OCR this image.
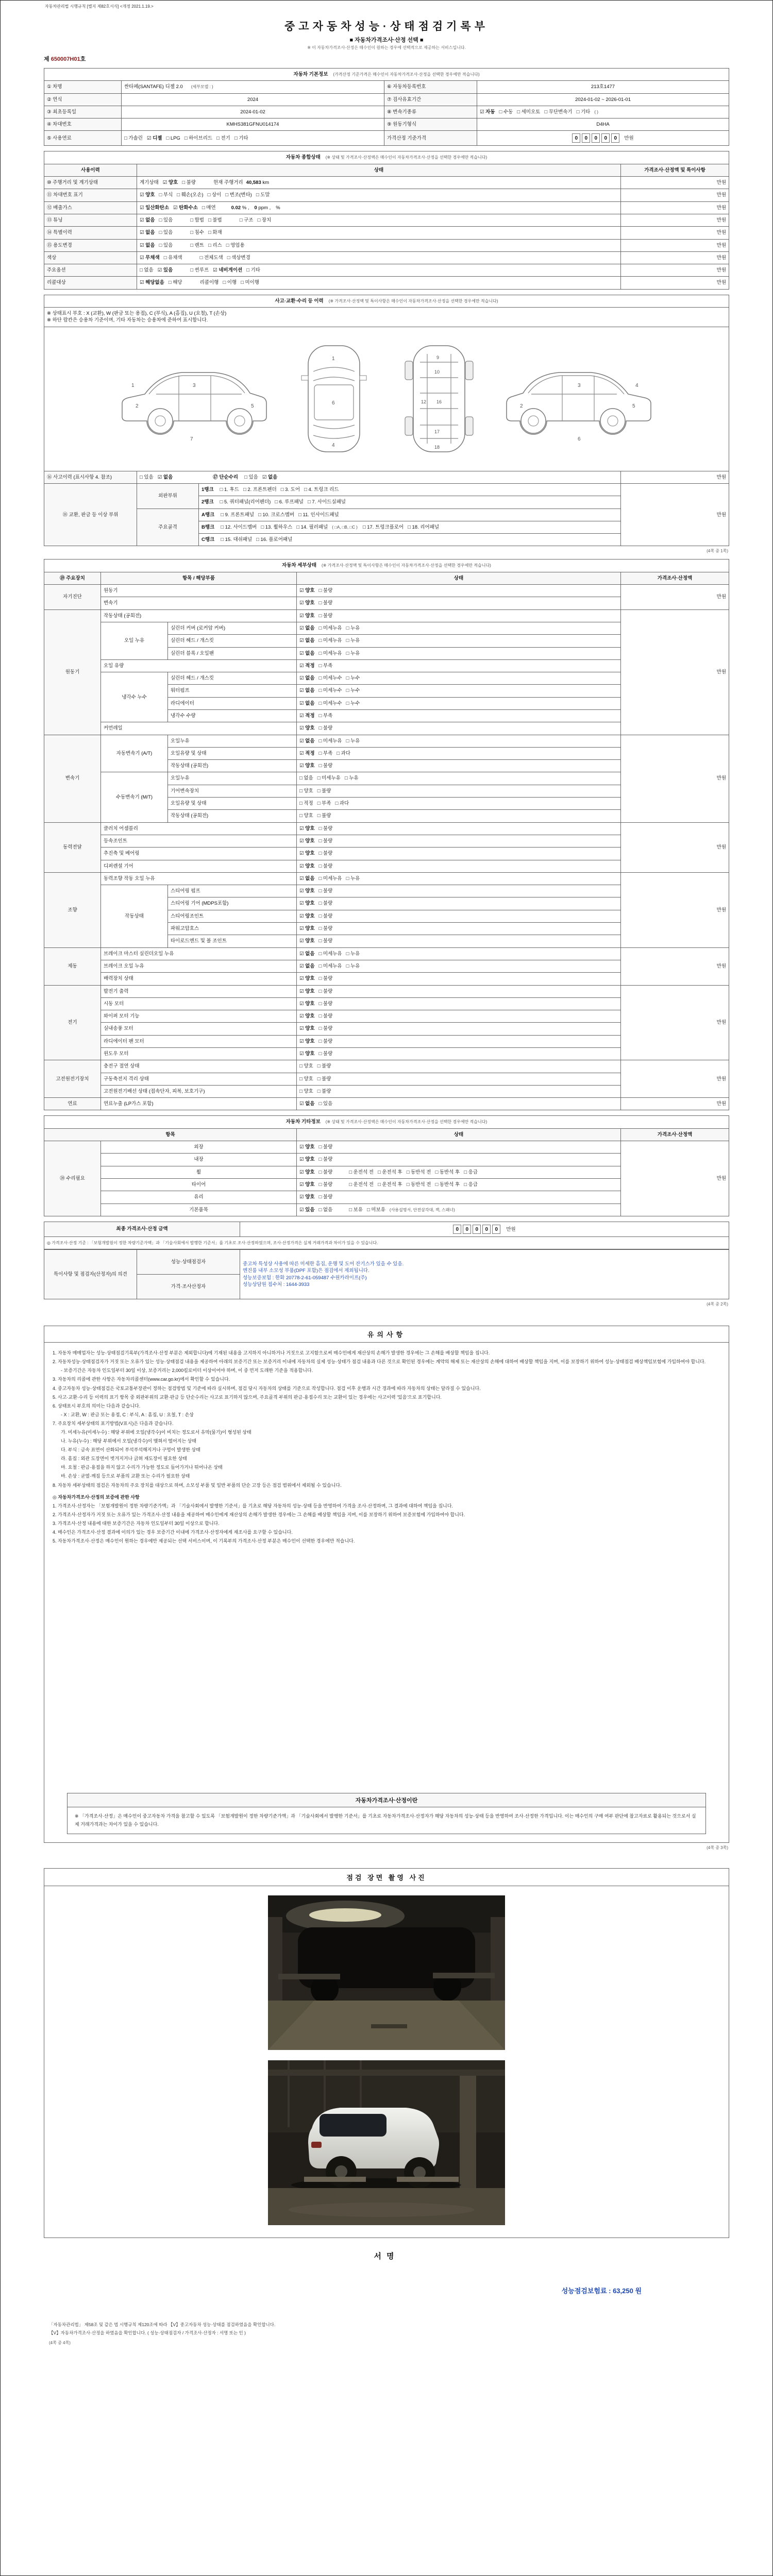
자동차관리법 시행규칙 [별지 제82호서식] <개정 2021.1.19.>
중고자동차성능·상태점검기록부
■ 자동차가격조사·산정 선택 ■
※ 이 자동차가격조사·산정은 매수인이 원하는 경우에 선택적으로 제공하는 서비스입니다.
제 650007H01호
자동차 기본정보 (가격산정 기준가격은 매수인이 자동차가격조사·산정을 선택한 경우에만 적습니다)			
① 차명	싼타페(SANTAFE) 디젤 2.0 (세부모델 : )	⑥ 자동차등록번호	213호1477
② 연식	2024	⑦ 검사유효기간	2024-01-02 ~ 2026-01-01
③ 최초등록일	2024-01-02	⑧ 변속기종류	☑ 자동 □ 수동 □ 세미오토 □ 무단변속기 □ 기타 ( )
④ 차대번호	KMHS381GFNU014174	⑨ 원동기형식	D4HA
⑤ 사용연료	□ 가솔린 ☑ 디젤 □ LPG □ 하이브리드 □ 전기 □ 기타	가격산정 기준가격	0 0 0 0 0 만원
자동차 종합상태 (※ 상태 및 가격조사·산정액은 매수인이 자동차가격조사·산정을 선택한 경우에만 적습니다)		
사용이력	상태	가격조사·산정액 및 특이사항
⑩ 주행거리 및 계기상태	계기상태 ☑ 양호 □ 불량 현재 주행거리 40,583 km	만원
⑪ 차대번호 표기	☑ 양호 □ 부식 □ 훼손(오손) □ 상이 □ 변조(변타) □ 도말	만원
⑫ 배출가스	☑ 일산화탄소 ☑ 탄화수소 □ 매연 0.02 % , 0 ppm , %	만원
⑬ 튜닝	☑ 없음 □ 있음 □ 합법 □ 불법 □ 구조 □ 장치	만원
⑭ 특별이력	☑ 없음 □ 있음 □ 침수 □ 화재	만원
⑮ 용도변경	☑ 없음 □ 있음 □ 렌트 □ 리스 □ 영업용	만원
색상	☑ 무채색 □ 유채색 □ 전체도색 □ 색상변경	만원
주요옵션	□ 없음 ☑ 있음 □ 썬루프 ☑ 네비게이션 □ 기타	만원
리콜대상	☑ 해당없음 □ 해당 리콜이행 □ 이행 □ 미이행	만원
사고·교환·수리 등 이력 (※ 가격조사·산정액 및 특이사항은 매수인이 자동차가격조사·산정을 선택한 경우에만 적습니다)			
※ 상태표시 부호 : X (교환), W (판금 또는 용접), C (부식), A (흠집), U (요철), T (손상)
※ 하단 람칸은 승용차 기준이며, 기타 자동차는 승용차에 준하여 표시합니다.			

1
2
3
5
7
1
6
4
9
10
12 16
17
18
4
5
3
2
6

⑯ 사고이력 (표시사항 4. 참조)	□ 있음 ☑ 없음 ⑰ 단순수리 □ 있음 ☑ 없음		만원
⑱ 교환, 판금 등 이상 부위	외판부위	1랭크 □ 1. 후드 □ 2. 프론트펜더 □ 3. 도어 □ 4. 트렁크 리드	만원
		2랭크 □ 5. 쿼터패널(리어펜더) □ 6. 루프패널 □ 7. 사이드실패널	
	주요골격	A랭크 □ 9. 프론트패널 □ 10. 크로스멤버 □ 11. 인사이드패널	
		B랭크 □ 12. 사이드멤버 □ 13. 휠하우스 □ 14. 필러패널 ( □A, □B, □C ) □ 17. 트렁크플로어 □ 18. 리어패널	
		C랭크 □ 15. 대쉬패널 □ 16. 플로어패널	
(4쪽 중 1쪽)
자동차 세부상태 (※ 가격조사·산정액 및 특이사항은 매수인이 자동차가격조사·산정을 선택한 경우에만 적습니다)				
⑲ 주요장치	항목 / 해당부품		상태	가격조사·산정액
자기진단	원동기		☑ 양호 □ 불량	만원
	변속기		☑ 양호 □ 불량	
원동기	작동상태 (공회전)		☑ 양호 □ 불량	만원
	오일 누유	실린더 커버 (로커암 커버)	☑ 없음 □ 미세누유 □ 누유	
		실린더 헤드 / 개스킷	☑ 없음 □ 미세누유 □ 누유	
		실린더 블록 / 오일팬	☑ 없음 □ 미세누유 □ 누유	
	오일 유량		☑ 적정 □ 부족	
	냉각수 누수	실린더 헤드 / 개스킷	☑ 없음 □ 미세누수 □ 누수	
		워터펌프	☑ 없음 □ 미세누수 □ 누수	
		라디에이터	☑ 없음 □ 미세누수 □ 누수	
		냉각수 수량	☑ 적정 □ 부족	
	커먼레일		☑ 양호 □ 불량	
변속기	자동변속기 (A/T)	오일누유	☑ 없음 □ 미세누유 □ 누유	만원
		오일유량 및 상태	☑ 적정 □ 부족 □ 과다	
		작동상태 (공회전)	☑ 양호 □ 불량	
	수동변속기 (M/T)	오일누유	□ 없음 □ 미세누유 □ 누유	
		기어변속장치	□ 양호 □ 불량	
		오일유량 및 상태	□ 적정 □ 부족 □ 과다	
		작동상태 (공회전)	□ 양호 □ 불량	
동력전달	클러치 어셈블리		☑ 양호 □ 불량	만원
	등속조인트		☑ 양호 □ 불량	
	추진축 및 베어링		☑ 양호 □ 불량	
	디퍼렌셜 기어		☑ 양호 □ 불량	
조향	동력조향 작동 오일 누유		☑ 없음 □ 미세누유 □ 누유	만원
	작동상태	스티어링 펌프	☑ 양호 □ 불량	
		스티어링 기어 (MDPS포함)	☑ 양호 □ 불량	
		스티어링조인트	☑ 양호 □ 불량	
		파워고압호스	☑ 양호 □ 불량	
		타이로드엔드 및 볼 조인트	☑ 양호 □ 불량	
제동	브레이크 마스터 실린더오일 누유		☑ 없음 □ 미세누유 □ 누유	만원
	브레이크 오일 누유		☑ 없음 □ 미세누유 □ 누유	
	배력장치 상태		☑ 양호 □ 불량	
전기	발전기 출력		☑ 양호 □ 불량	만원
	시동 모터		☑ 양호 □ 불량	
	와이퍼 모터 기능		☑ 양호 □ 불량	
	실내송풍 모터		☑ 양호 □ 불량	
	라디에이터 팬 모터		☑ 양호 □ 불량	
	윈도우 모터		☑ 양호 □ 불량	
고전원전기장치	충전구 절연 상태		□ 양호 □ 불량	만원
	구동축전지 격리 상태		□ 양호 □ 불량	
	고전원전기배선 상태 (접속단자, 피복, 보호기구)		□ 양호 □ 불량	
연료	연료누출 (LP가스 포함)		☑ 없음 □ 있음	만원
자동차 기타정보 (※ 상태 및 가격조사·산정액은 매수인이 자동차가격조사·산정을 선택한 경우에만 적습니다)			
항목		상태	가격조사·산정액
⑳ 수리필요	외장	☑ 양호 □ 불량	만원
	내장	☑ 양호 □ 불량	
	휠	☑ 양호 □ 불량 □ 운전석 전 □ 운전석 후 □ 동반석 전 □ 동반석 후 □ 응급	
	타이어	☑ 양호 □ 불량 □ 운전석 전 □ 운전석 후 □ 동반석 전 □ 동반석 후 □ 응급	
	유리	☑ 양호 □ 불량	
	기본품목	☑ 있음 □ 없음 □ 보유 □ 미보유 (사용설명서, 안전삼각대, 잭, 스패너)	
최종 가격조사·산정 금액	0 0 0 0 0 만원
◎ 가격조사·산정 기준 : 「보험개발원이 정한 차량기준가액」과 「기술사회에서 발행한 기준서」를 기초로 조사·산정하였으며, 조사·산정가격은 실제 거래가격과 차이가 있을 수 있습니다.
특이사항 및 점검자(산정자)의 의견	성능·상태점검자	중고차 특성상 사용에 따른 미세한 흠집, 운행 및 도어 잔기스가 있을 수 있음.
엔진룸 내부 소모성 부품(DPF 포함)은 점검에서 제외됩니다.
성능보증보험 : 한화 20778-2-61-059487 수원카라이프(주)
성능상담원 접수처 : 1644-3933
가격·조사산정자
(4쪽 중 2쪽)
유의사항

1. 자동차 매매업자는 성능·상태점검기록부(가격조사·산정 부분은 제외합니다)에 기재된 내용을 고지하지 아니하거나 거짓으로 고지함으로써 매수인에게 재산상의 손해가 발생한 경우에는 그 손해를 배상할 책임을 집니다.

2. 자동차성능·상태점검자가 거짓 또는 오류가 있는 성능·상태점검 내용을 제공하여 아래의 보증기간 또는 보증거리 이내에 자동차의 실제 성능·상태가 점검 내용과 다른 것으로 확인된 경우에는 계약의 해제 또는 재산상의 손해에 대하여 배상할 책임을 지며, 이를 보장하기 위하여 성능·상태점검 배상책임보험에 가입하여야 합니다.

- 보증기간은 자동차 인도일부터 30일 이상, 보증거리는 2,000킬로미터 이상이어야 하며, 이 중 먼저 도래한 기준을 적용합니다.

3. 자동차의 리콜에 관한 사항은 자동차리콜센터(www.car.go.kr)에서 확인할 수 있습니다.

4. 중고자동차 성능·상태점검은 국토교통부장관이 정하는 점검방법 및 기준에 따라 실시하며, 점검 당시 자동차의 상태를 기준으로 작성합니다. 점검 이후 운행과 시간 경과에 따라 자동차의 상태는 달라질 수 있습니다.

5. 사고·교환·수리 등 이력의 표기 항목 중 외판부위의 교환·판금 등 단순수리는 사고로 표기하지 않으며, 주요골격 부위의 판금·용접수리 또는 교환이 있는 경우에는 사고이력 '있음'으로 표기합니다.

6. 상태표시 부호의 의미는 다음과 같습니다.

- X : 교환, W : 판금 또는 용접, C : 부식, A : 흠집, U : 요철, T : 손상

7. 주요장치 세부상태의 표기방법(V표시)은 다음과 같습니다.

가. 미세누유(미세누수) : 해당 부위에 오일(냉각수)이 비치는 정도로서 유막(물기)이 형성된 상태

나. 누유(누수) : 해당 부위에서 오일(냉각수)이 맺혀서 떨어지는 상태

다. 부식 : 금속 표면이 산화되어 푸석푸석해지거나 구멍이 발생한 상태

라. 흠집 : 외관 도장면이 벗겨지거나 긁혀 재도장이 필요한 상태

마. 요철 : 판금·용접을 하지 않고 수리가 가능한 정도로 들어가거나 튀어나온 상태

바. 손상 : 균열·깨짐 등으로 부품의 교환 또는 수리가 필요한 상태

8. 자동차 세부상태의 점검은 자동차의 주요 장치를 대상으로 하며, 소모성 부품 및 일반 부품의 단순 고장 등은 점검 범위에서 제외될 수 있습니다.

◎ 자동차가격조사·산정의 보증에 관한 사항

1. 가격조사·산정자는 「보험개발원이 정한 차량기준가액」과 「기술사회에서 발행한 기준서」를 기초로 해당 자동차의 성능·상태 등을 반영하여 가격을 조사·산정하며, 그 결과에 대하여 책임을 집니다.

2. 가격조사·산정자가 거짓 또는 오류가 있는 가격조사·산정 내용을 제공하여 매수인에게 재산상의 손해가 발생한 경우에는 그 손해를 배상할 책임을 지며, 이를 보장하기 위하여 보증보험에 가입하여야 합니다.

3. 가격조사·산정 내용에 대한 보증기간은 자동차 인도일부터 30일 이상으로 합니다.

4. 매수인은 가격조사·산정 결과에 이의가 있는 경우 보증기간 이내에 가격조사·산정자에게 재조사를 요구할 수 있습니다.

5. 자동차가격조사·산정은 매수인이 원하는 경우에만 제공되는 선택 서비스이며, 이 기록부의 가격조사·산정 부분은 매수인이 선택한 경우에만 적습니다.

자동차가격조사·산정이란
※ 「가격조사·산정」은 매수인이 중고자동차 가격을 참고할 수 있도록 「보험개발원이 정한 차량기준가액」과 「기술사회에서 발행한 기준서」를 기초로 자동차가격조사·산정자가 해당 자동차의 성능·상태 등을 반영하여 조사·산정한 가격입니다. 이는 매수인의 구매 여부 판단에 참고자료로 활용되는 것으로서 실제 거래가격과는 차이가 있을 수 있습니다.
(4쪽 중 3쪽)
점검 장면 촬영 사진
서명
성능점검보험료 : 63,250 원

「자동차관리법」 제58조 및 같은 법 시행규칙 제120조에 따라 【V】중고자동차 성능·상태를 점검하였음을 확인합니다.

【V】자동차가격조사·산정을 하였음을 확인합니다. ( 성능·상태점검자 / 가격조사·산정자 : 서명 또는 인 )

(4쪽 중 4쪽)
